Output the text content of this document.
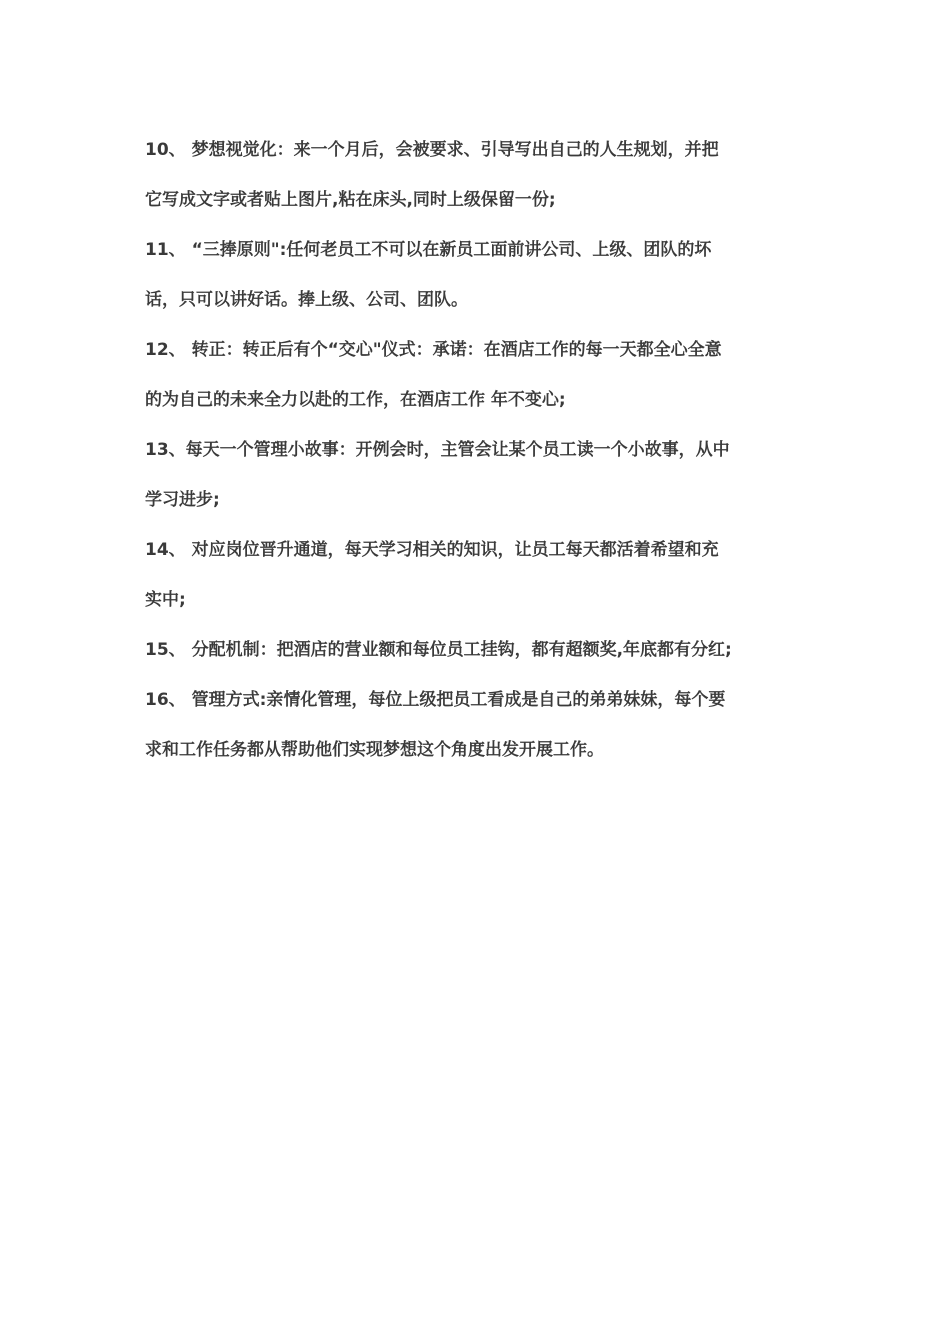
10、 梦想视觉化：来一个月后，会被要求、引导写出自己的人生规划，并把
它写成文字或者贴上图片,粘在床头,同时上级保留一份;
11、 “三捧原则":任何老员工不可以在新员工面前讲公司、上级、团队的坏
话，只可以讲好话。捧上级、公司、团队。
12、 转正：转正后有个“交心"仪式：承诺：在酒店工作的每一天都全心全意
的为自己的未来全力以赴的工作，在酒店工作 年不变心;
13、每天一个管理小故事：开例会时，主管会让某个员工读一个小故事，从中
学习进步;
14、 对应岗位晋升通道，每天学习相关的知识，让员工每天都活着希望和充
实中;
15、 分配机制：把酒店的营业额和每位员工挂钩，都有超额奖,年底都有分红;
16、 管理方式:亲情化管理，每位上级把员工看成是自己的弟弟妹妹，每个要
求和工作任务都从帮助他们实现梦想这个角度出发开展工作。
